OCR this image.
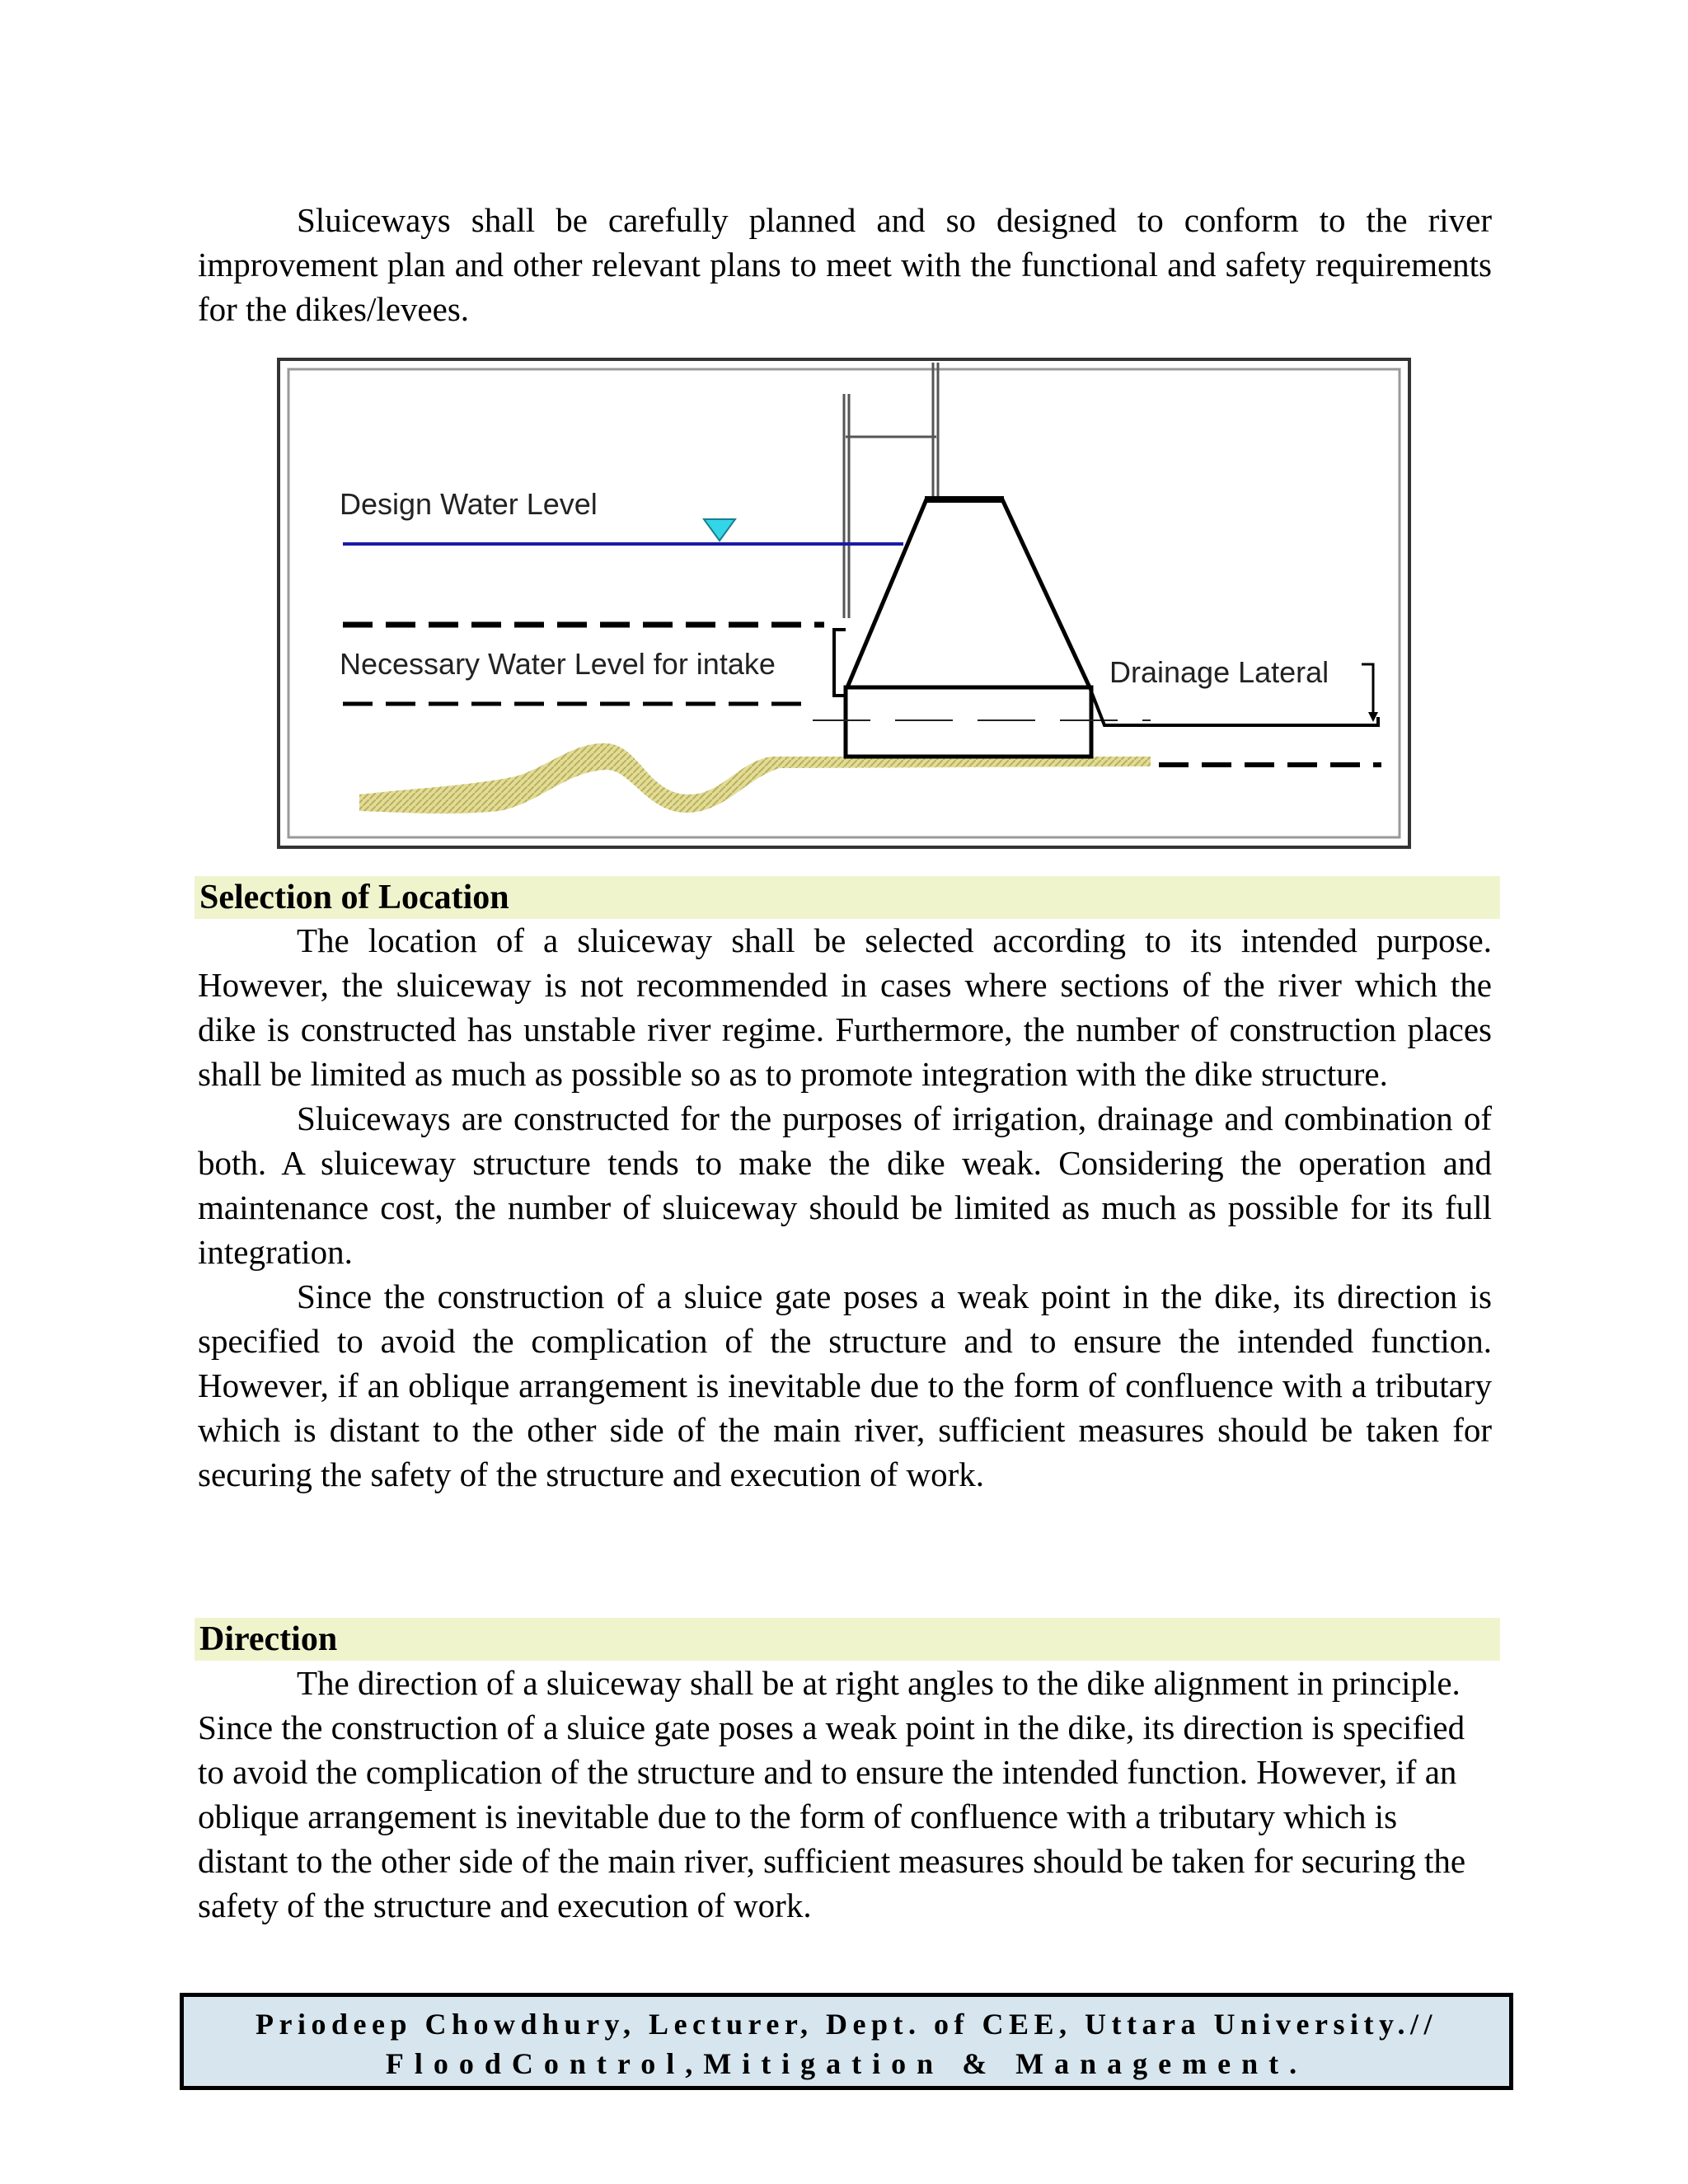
Sluiceways shall be carefully planned and so designed to conform to the river improvement plan and other relevant plans to meet with the functional and safety requirements for the dikes/levees.

Design Water Level
Necessary Water Level for intake	Drainage Lateral
Selection of Location

The location of a sluiceway shall be selected according to its intended purpose. However, the sluiceway is not recommended in cases where sections of the river which the dike is constructed has unstable river regime. Furthermore, the number of construction places shall be limited as much as possible so as to promote integration with the dike structure.

Sluiceways are constructed for the purposes of irrigation, drainage and combination of both. A sluiceway structure tends to make the dike weak. Considering the operation and maintenance cost, the number of sluiceway should be limited as much as possible for its full integration.

Since the construction of a sluice gate poses a weak point in the dike, its direction is specified to avoid the complication of the structure and to ensure the intended function. However, if an oblique arrangement is inevitable due to the form of confluence with a tributary which is distant to the other side of the main river, sufficient measures should be taken for securing the safety of the structure and execution of work.

Direction

The direction of a sluiceway shall be at right angles to the dike alignment in principle. Since the construction of a sluice gate poses a weak point in the dike, its direction is specified to avoid the complication of the structure and to ensure the intended function. However, if an oblique arrangement is inevitable due to the form of confluence with a tributary which is distant to the other side of the main river, sufficient measures should be taken for securing the safety of the structure and execution of work.

Priodeep Chowdhury, Lecturer, Dept. of CEE, Uttara University.//
FloodControl,Mitigation & Management.
